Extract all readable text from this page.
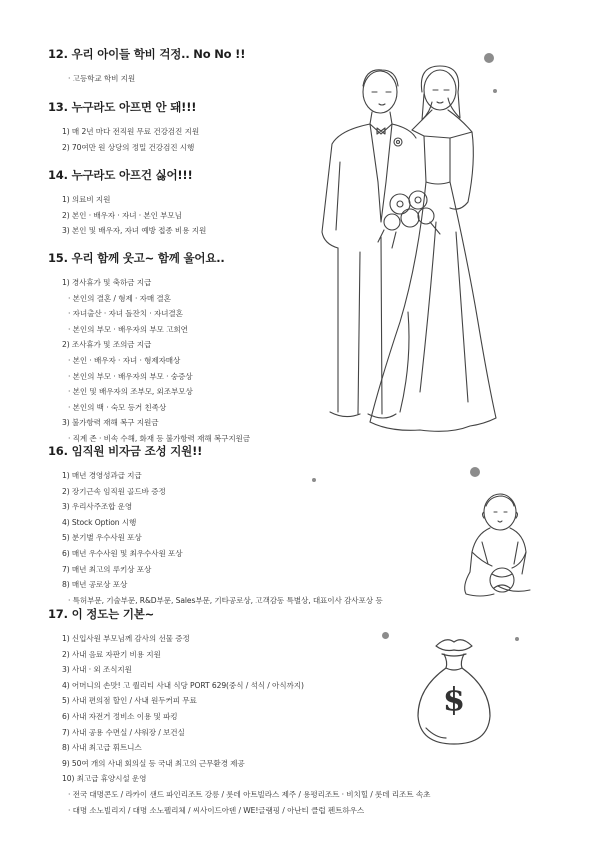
12. 우리 아이들 학비 걱정.. No No !!
· 고등학교 학비 지원
13. 누구라도 아프면 안 돼!!!
1) 매 2년 마다 전직원 무료 건강검진 지원
2) 70여만 원 상당의 정밀 건강검진 시행
14. 누구라도 아프건 싫어!!!
1) 의료비 지원
2) 본인 · 배우자 · 자녀 · 본인 부모님
3) 본인 및 배우자, 자녀 예방 접종 비용 지원
15. 우리 함께 웃고~ 함께 울어요..
1) 경사휴가 및 축하금 지급
· 본인의 결혼 / 형제 · 자매 결혼
· 자녀출산 · 자녀 돌잔치 · 자녀결혼
· 본인의 부모 · 배우자의 부모 고희연
2) 조사휴가 및 조의금 지급
· 본인 · 배우자 · 자녀 · 형제자매상
· 본인의 부모 · 배우자의 부모 · 숭증상
· 본인 및 배우자의 조부모, 외조부모상
· 본인의 백 · 숙모 등거 친족상
3) 불가항력 재해 복구 지원금
· 직계 존 · 비속 수해, 화재 등 불가항력 재해 복구지원금
16. 임직원 비자금 조성 지원!!
1) 매년 경영성과급 지급
2) 장기근속 임직원 골드바 증정
3) 우리사주조합 운영
4) Stock Option 시행
5) 분기별 우수사원 포상
6) 매년 우수사원 및 최우수사원 포상
7) 매년 최고의 루키상 포상
8) 매년 공로상 포상
· 특허부문, 기술부문, R&D부문, Sales부문, 기타공로상, 고객감동 특별상, 대표이사 감사포상 등
17. 이 정도는 기본~
1) 신입사원 부모님께 감사의 선물 증정
2) 사내 음료 자판기 비용 지원
3) 사내 · 외 조식지원
4) 어머니의 손맛! 고 퀄리티 사내 식당 PORT 629(중식 / 석식 / 아식까지)
5) 사내 편의점 할인 / 사내 원두커피 무료
6) 사내 자전거 정비소 이용 및 파킹
7) 사내 공용 수면실 / 샤워장 / 보건실
8) 사내 최고급 휘트니스
9) 50여 개의 사내 회의실 등 국내 최고의 근무환경 제공
10) 최고급 휴양시설 운영
· 전국 대명콘도 / 라카이 샌드 파인리조트 강릉 / 롯데 아트빌라스 제주 / 용평리조트 · 비치힐 / 롯데 리조트 속초
· 대명 소노빌리지 / 대명 소노펠리체 / 씨사이드아덴 / WE!글램핑 / 아난티 클럽 펜트하우스
$
